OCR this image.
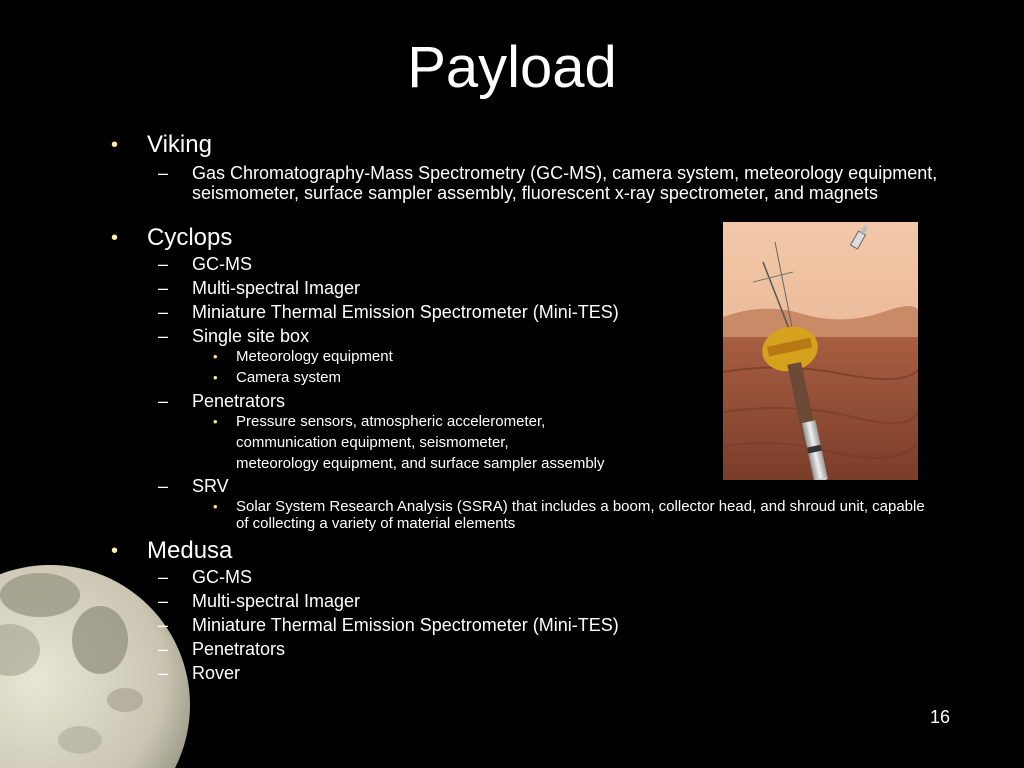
Payload
• Viking
– Gas Chromatography-Mass Spectrometry (GC-MS), camera system, meteorology equipment, seismometer, surface sampler assembly, fluorescent x-ray spectrometer, and magnets
• Cyclops
– GC-MS
– Multi-spectral Imager
– Miniature Thermal Emission Spectrometer (Mini-TES)
– Single site box
• Meteorology equipment
• Camera system
– Penetrators
• Pressure sensors, atmospheric accelerometer,
communication equipment, seismometer,
meteorology equipment, and surface sampler assembly
– SRV
• Solar System Research Analysis (SSRA) that includes a boom, collector head, and shroud unit, capable of collecting a variety of material elements
• Medusa
– GC-MS
– Multi-spectral Imager
– Miniature Thermal Emission Spectrometer (Mini-TES)
– Penetrators
– Rover
16
